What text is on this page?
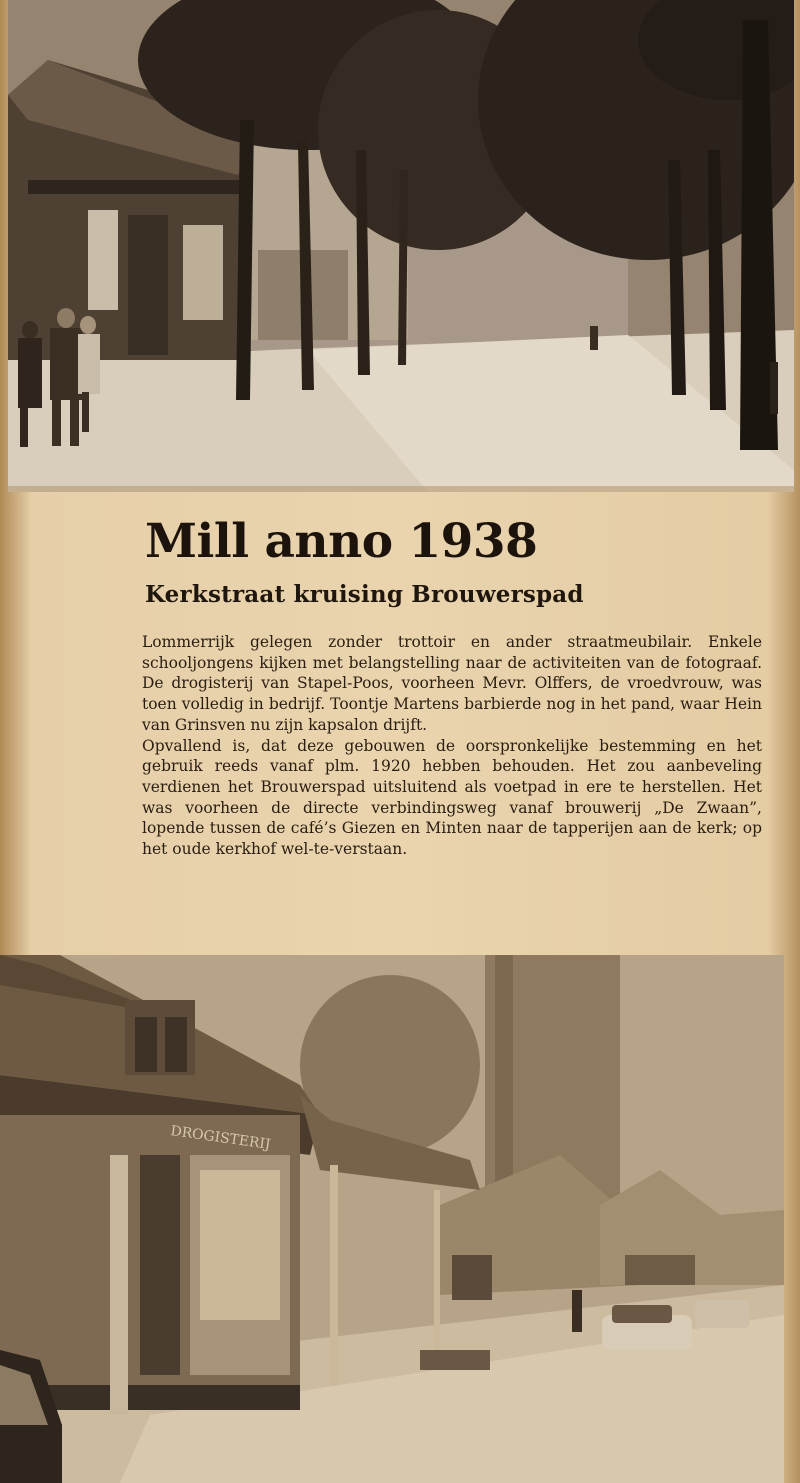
Mill anno 1938
Kerkstraat kruising Brouwerspad

Lommerrijk gelegen zonder trottoir en ander straatmeubilair. Enkele schooljongens kijken met belangstelling naar de activiteiten van de fotograaf. De drogisterij van Stapel-Poos, voorheen Mevr. Olffers, de vroedvrouw, was toen volledig in bedrijf. Toontje Martens barbierde nog in het pand, waar Hein van Grinsven nu zijn kapsalon drijft.

Opvallend is, dat deze gebouwen de oorspronkelijke bestemming en het gebruik reeds vanaf plm. 1920 hebben behouden. Het zou aanbeveling verdienen het Brouwerspad uitsluitend als voetpad in ere te herstellen. Het was voorheen de directe verbindingsweg vanaf brouwerij „De Zwaan”, lopende tussen de café’s Giezen en Minten naar de tapperijen aan de kerk; op het oude kerkhof wel-te-verstaan.

DROGISTERIJ
